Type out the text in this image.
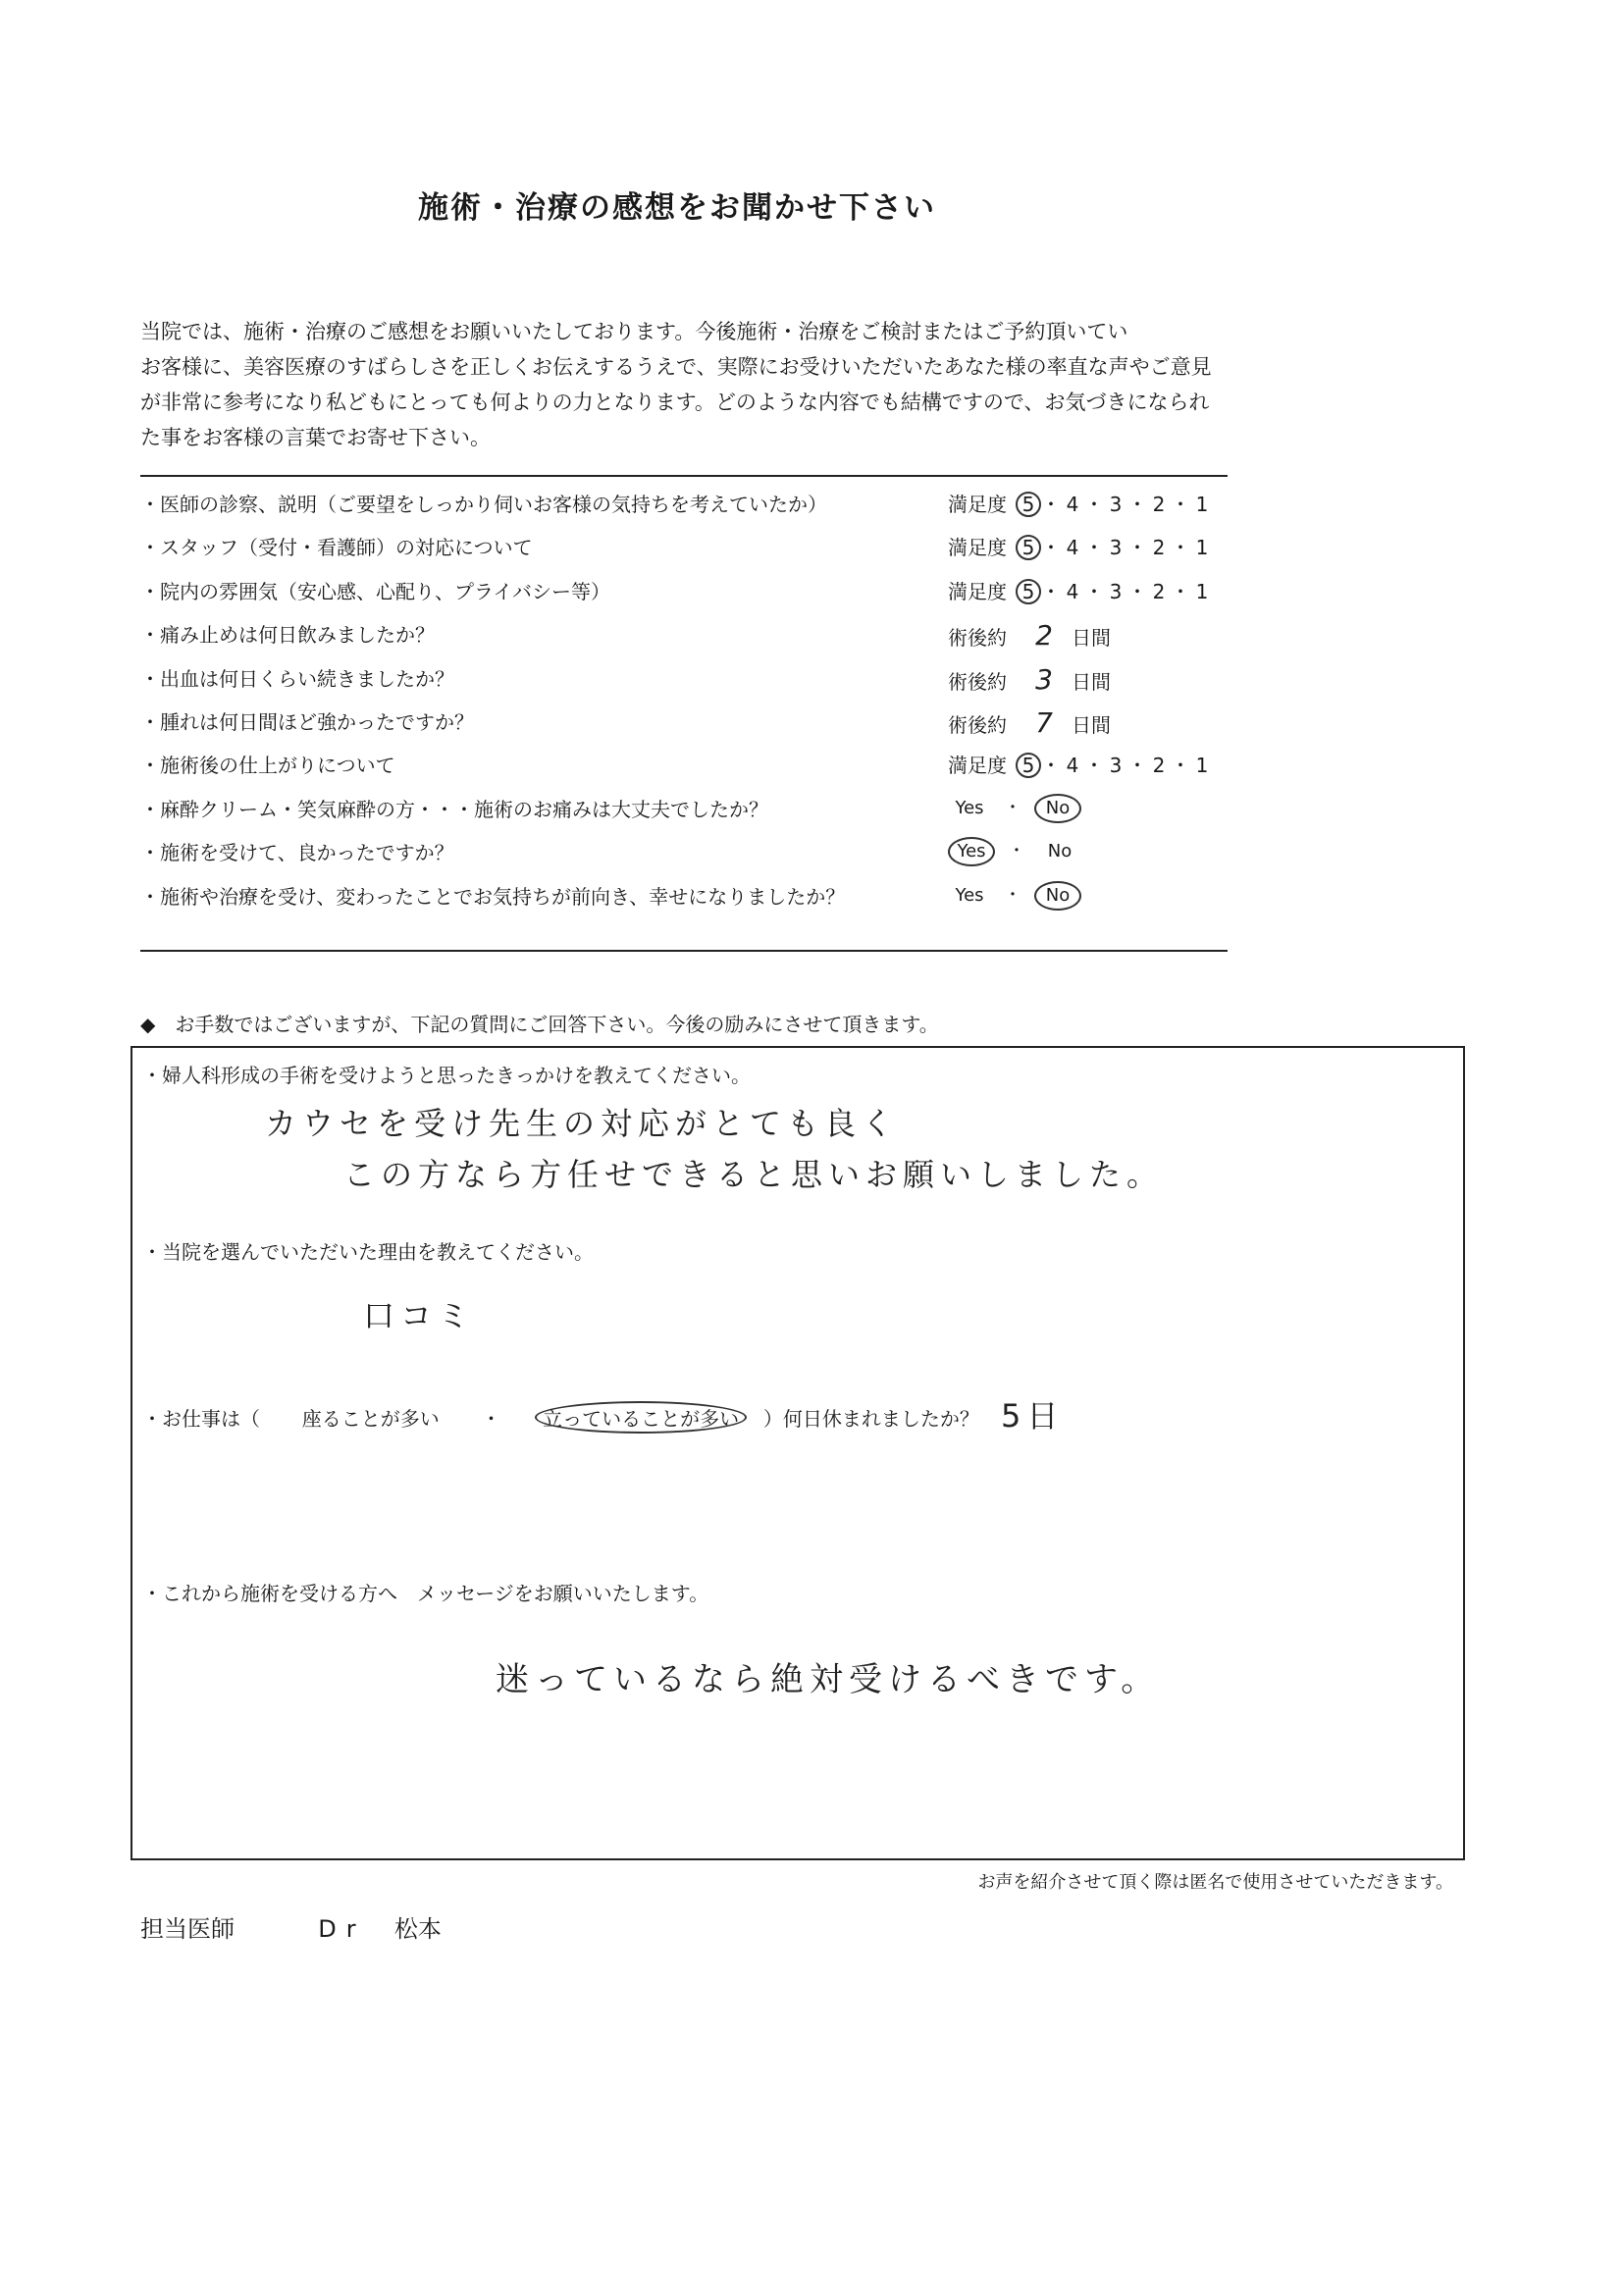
施術・治療の感想をお聞かせ下さい
当院では、施術・治療のご感想をお願いいたしております。今後施術・治療をご検討またはご予約頂いてい
お客様に、美容医療のすばらしさを正しくお伝えするうえで、実際にお受けいただいたあなた様の率直な声やご意見
が非常に参考になり私どもにとっても何よりの力となります。どのような内容でも結構ですので、お気づきになられ
た事をお客様の言葉でお寄せ下さい。
・医師の診察、説明（ご要望をしっかり伺いお客様の気持ちを考えていたか）	満足度 5 ・ 4 ・ 3 ・ 2 ・ 1
・スタッフ（受付・看護師）の対応について	満足度 5 ・ 4 ・ 3 ・ 2 ・ 1
・院内の雰囲気（安心感、心配り、プライバシー等）	満足度 5 ・ 4 ・ 3 ・ 2 ・ 1
・痛み止めは何日飲みましたか？	術後約 2 日間
・出血は何日くらい続きましたか？	術後約 3 日間
・腫れは何日間ほど強かったですか？	術後約 7 日間
・施術後の仕上がりについて	満足度 5 ・ 4 ・ 3 ・ 2 ・ 1
・麻酔クリーム・笑気麻酔の方・・・施術のお痛みは大丈夫でしたか？	Yes ・ No
・施術を受けて、良かったですか？	Yes ・ No
・施術や治療を受け、変わったことでお気持ちが前向き、幸せになりましたか？	Yes ・ No
◆　お手数ではございますが、下記の質問にご回答下さい。今後の励みにさせて頂きます。
・婦人科形成の手術を受けようと思ったきっかけを教えてください。
カウセを受け先生の対応がとても良く
この方なら方任せできると思いお願いしました。
・当院を選んでいただいた理由を教えてください。
口コミ
・お仕事は（ 座ることが多い ・ 立っていることが多い ）何日休まれましたか？ 5日
・これから施術を受ける方へ　メッセージをお願いいたします。
迷っているなら絶対受けるべきです。
お声を紹介させて頂く際は匿名で使用させていただきます。
担当医師	Dr 松本
